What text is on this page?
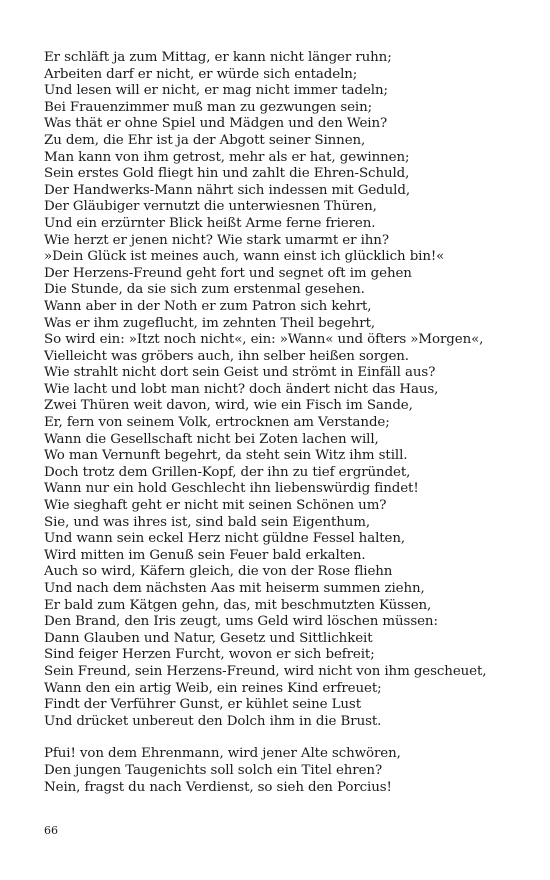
Er schläft ja zum Mittag, er kann nicht länger ruhn;
Arbeiten darf er nicht, er würde sich entadeln;
Und lesen will er nicht, er mag nicht immer tadeln;
Bei Frauenzimmer muß man zu gezwungen sein;
Was thät er ohne Spiel und Mädgen und den Wein?
Zu dem, die Ehr ist ja der Abgott seiner Sinnen,
Man kann von ihm getrost, mehr als er hat, gewinnen;
Sein erstes Gold fliegt hin und zahlt die Ehren-Schuld,
Der Handwerks-Mann nährt sich indessen mit Geduld,
Der Gläubiger vernutzt die unterwiesnen Thüren,
Und ein erzürnter Blick heißt Arme ferne frieren.
Wie herzt er jenen nicht? Wie stark umarmt er ihn?
»Dein Glück ist meines auch, wann einst ich glücklich bin!«
Der Herzens-Freund geht fort und segnet oft im gehen
Die Stunde, da sie sich zum erstenmal gesehen.
Wann aber in der Noth er zum Patron sich kehrt,
Was er ihm zugeflucht, im zehnten Theil begehrt,
So wird ein: »Itzt noch nicht«, ein: »Wann« und öfters »Morgen«,
Vielleicht was gröbers auch, ihn selber heißen sorgen.
Wie strahlt nicht dort sein Geist und strömt in Einfäll aus?
Wie lacht und lobt man nicht? doch ändert nicht das Haus,
Zwei Thüren weit davon, wird, wie ein Fisch im Sande,
Er, fern von seinem Volk, ertrocknen am Verstande;
Wann die Gesellschaft nicht bei Zoten lachen will,
Wo man Vernunft begehrt, da steht sein Witz ihm still.
Doch trotz dem Grillen-Kopf, der ihn zu tief ergründet,
Wann nur ein hold Geschlecht ihn liebenswürdig findet!
Wie sieghaft geht er nicht mit seinen Schönen um?
Sie, und was ihres ist, sind bald sein Eigenthum,
Und wann sein eckel Herz nicht güldne Fessel halten,
Wird mitten im Genuß sein Feuer bald erkalten.
Auch so wird, Käfern gleich, die von der Rose fliehn
Und nach dem nächsten Aas mit heiserm summen ziehn,
Er bald zum Kätgen gehn, das, mit beschmutzten Küssen,
Den Brand, den Iris zeugt, ums Geld wird löschen müssen:
Dann Glauben und Natur, Gesetz und Sittlichkeit
Sind feiger Herzen Furcht, wovon er sich befreit;
Sein Freund, sein Herzens-Freund, wird nicht von ihm gescheuet,
Wann den ein artig Weib, ein reines Kind erfreuet;
Findt der Verführer Gunst, er kühlet seine Lust
Und drücket unbereut den Dolch ihm in die Brust.
Pfui! von dem Ehrenmann, wird jener Alte schwören,
Den jungen Taugenichts soll solch ein Titel ehren?
Nein, fragst du nach Verdienst, so sieh den Porcius!
66
